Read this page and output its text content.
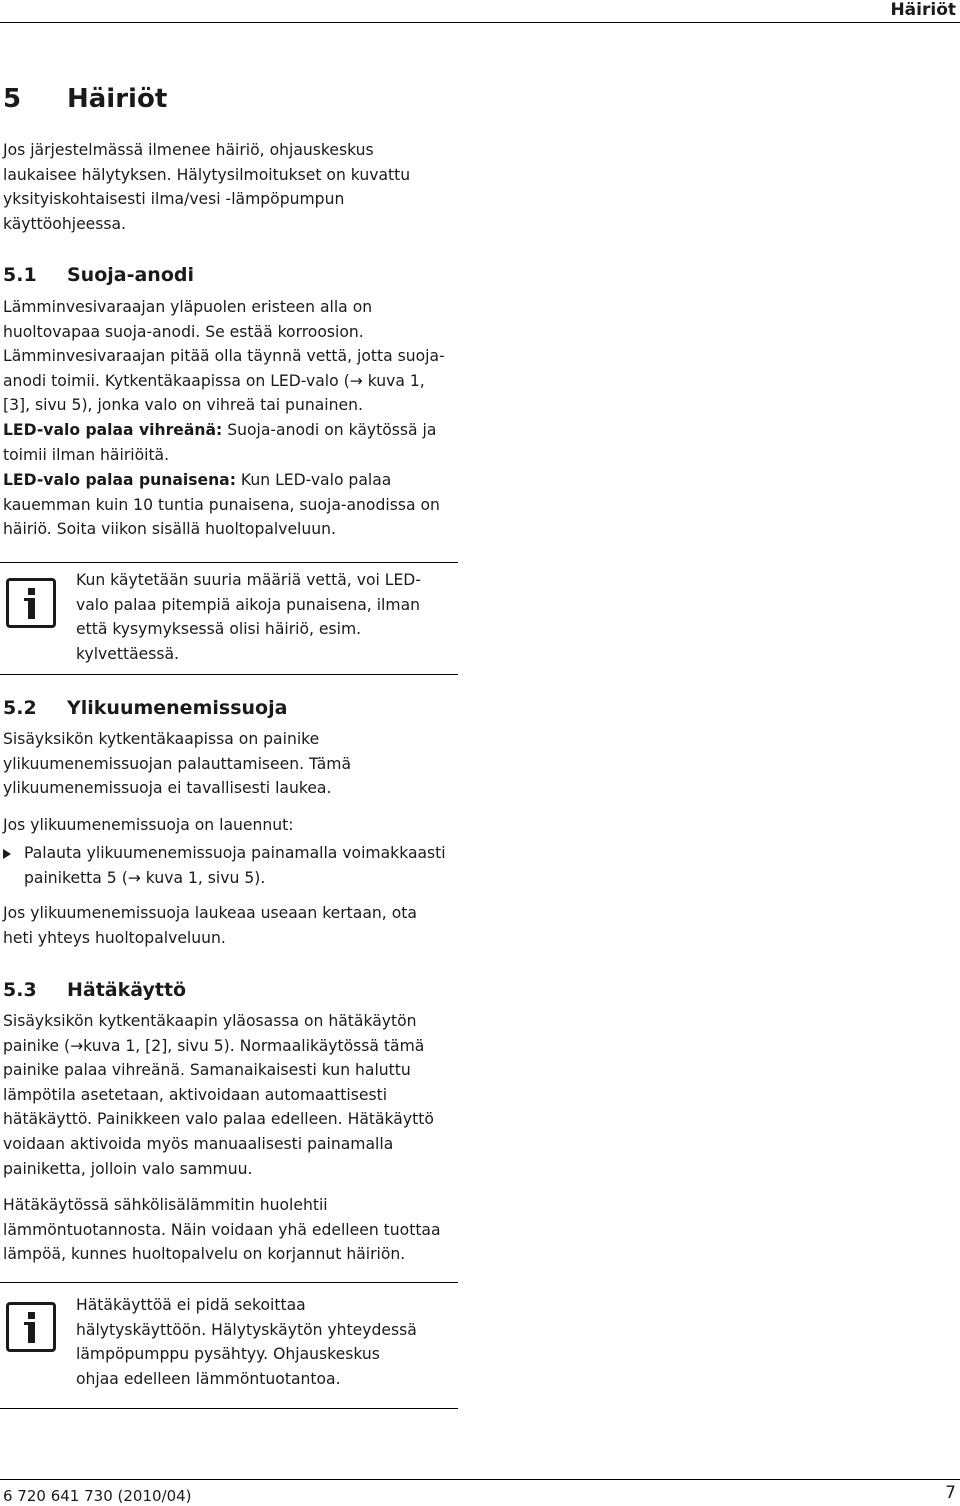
Häiriöt
5 Häiriöt
Jos järjestelmässä ilmenee häiriö, ohjauskeskus
laukaisee hälytyksen. Hälytysilmoitukset on kuvattu
yksityiskohtaisesti ilma/vesi -lämpöpumpun
käyttöohjeessa.
5.1 Suoja-anodi
Lämminvesivaraajan yläpuolen eristeen alla on
huoltovapaa suoja-anodi. Se estää korroosion.
Lämminvesivaraajan pitää olla täynnä vettä, jotta suoja-
anodi toimii. Kytkentäkaapissa on LED-valo (→ kuva 1,
[3], sivu 5), jonka valo on vihreä tai punainen.
LED-valo palaa vihreänä: Suoja-anodi on käytössä ja
toimii ilman häiriöitä.
LED-valo palaa punaisena: Kun LED-valo palaa
kauemman kuin 10 tuntia punaisena, suoja-anodissa on
häiriö. Soita viikon sisällä huoltopalveluun.
Kun käytetään suuria määriä vettä, voi LED-
valo palaa pitempiä aikoja punaisena, ilman
että kysymyksessä olisi häiriö, esim.
kylvettäessä.
5.2 Ylikuumenemissuoja
Sisäyksikön kytkentäkaapissa on painike
ylikuumenemissuojan palauttamiseen. Tämä
ylikuumenemissuoja ei tavallisesti laukea.
Jos ylikuumenemissuoja on lauennut:
Palauta ylikuumenemissuoja painamalla voimakkaasti
painiketta 5 (→ kuva 1, sivu 5).
Jos ylikuumenemissuoja laukeaa useaan kertaan, ota
heti yhteys huoltopalveluun.
5.3 Hätäkäyttö
Sisäyksikön kytkentäkaapin yläosassa on hätäkäytön
painike (→kuva 1, [2], sivu 5). Normaalikäytössä tämä
painike palaa vihreänä. Samanaikaisesti kun haluttu
lämpötila asetetaan, aktivoidaan automaattisesti
hätäkäyttö. Painikkeen valo palaa edelleen. Hätäkäyttö
voidaan aktivoida myös manuaalisesti painamalla
painiketta, jolloin valo sammuu.
Hätäkäytössä sähkölisälämmitin huolehtii
lämmöntuotannosta. Näin voidaan yhä edelleen tuottaa
lämpöä, kunnes huoltopalvelu on korjannut häiriön.
Hätäkäyttöä ei pidä sekoittaa
hälytyskäyttöön. Hälytyskäytön yhteydessä
lämpöpumppu pysähtyy. Ohjauskeskus
ohjaa edelleen lämmöntuotantoa.
6 720 641 730 (2010/04)	7
